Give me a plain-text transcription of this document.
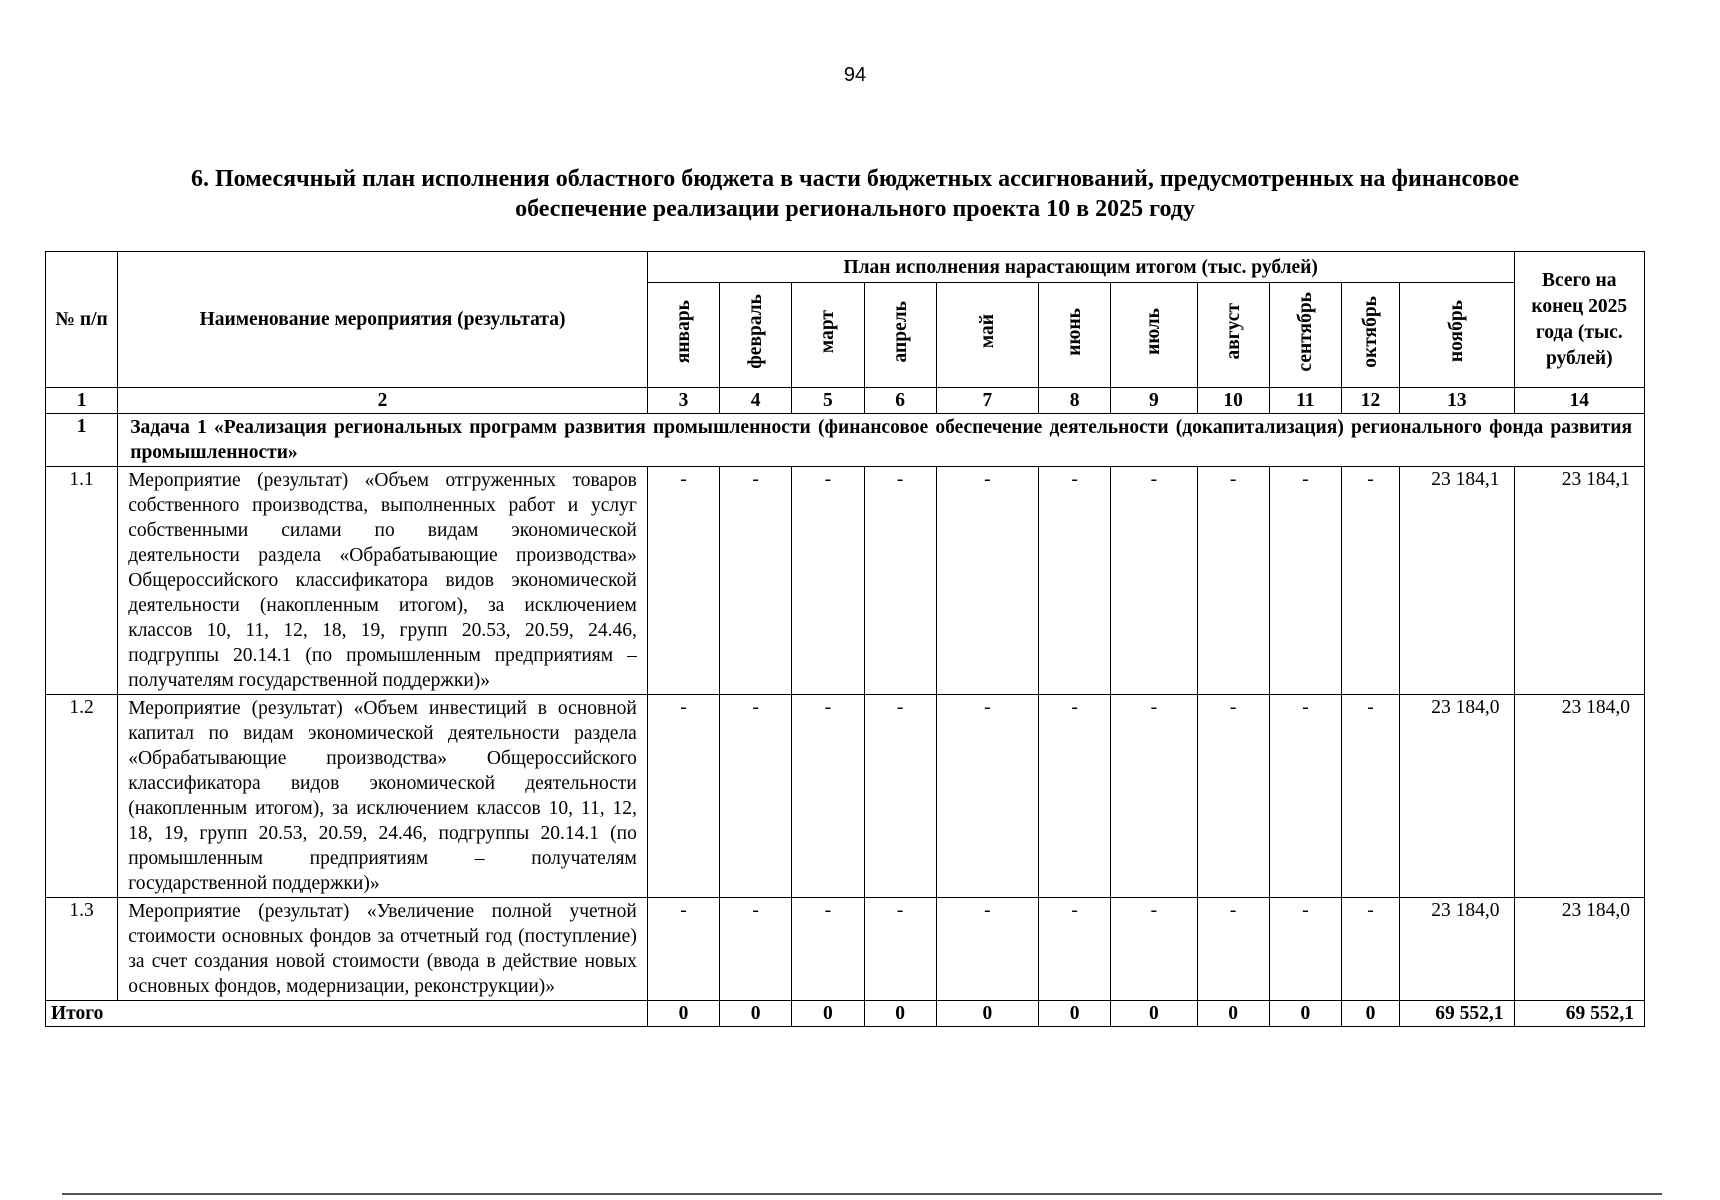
94
6. Помесячный план исполнения областного бюджета в части бюджетных ассигнований, предусмотренных на финансовое
обеспечение реализации регионального проекта 10 в 2025 году
№ п/п	Наименование мероприятия (результата)	План исполнения нарастающим итогом (тыс. рублей)											Всего на конец 2025 года (тыс. рублей)
		январь	февраль	март	апрель	май	июнь	июль	август	сентябрь	октябрь	ноябрь	
1	2	3	4	5	6	7	8	9	10	11	12	13	14
1	Задача 1 «Реализация региональных программ развития промышленности (финансовое обеспечение деятельности (докапитализация) регионального фонда развития промышленности»												
1.1	Мероприятие (результат) «Объем отгруженных товаров собственного производства, выполненных работ и услуг собственными силами по видам экономической деятельности раздела «Обрабатывающие производства» Общероссийского классификатора видов экономической деятельности (накопленным итогом), за исключением классов 10, 11, 12, 18, 19, групп 20.53, 20.59, 24.46, подгруппы 20.14.1 (по промышленным предприятиям – получателям государственной поддержки)»	-	-	-	-	-	-	-	-	-	-	23 184,1	23 184,1
1.2	Мероприятие (результат) «Объем инвестиций в основной капитал по видам экономической деятельности раздела «Обрабатывающие производства» Общероссийского классификатора видов экономической деятельности (накопленным итогом), за исключением классов 10, 11, 12, 18, 19, групп 20.53, 20.59, 24.46, подгруппы 20.14.1 (по промышленным предприятиям – получателям государственной поддержки)»	-	-	-	-	-	-	-	-	-	-	23 184,0	23 184,0
1.3	Мероприятие (результат) «Увеличение полной учетной стоимости основных фондов за отчетный год (поступление) за счет создания новой стоимости (ввода в действие новых основных фондов, модернизации, реконструкции)»	-	-	-	-	-	-	-	-	-	-	23 184,0	23 184,0
Итого		0	0	0	0	0	0	0	0	0	0	69 552,1	69 552,1
